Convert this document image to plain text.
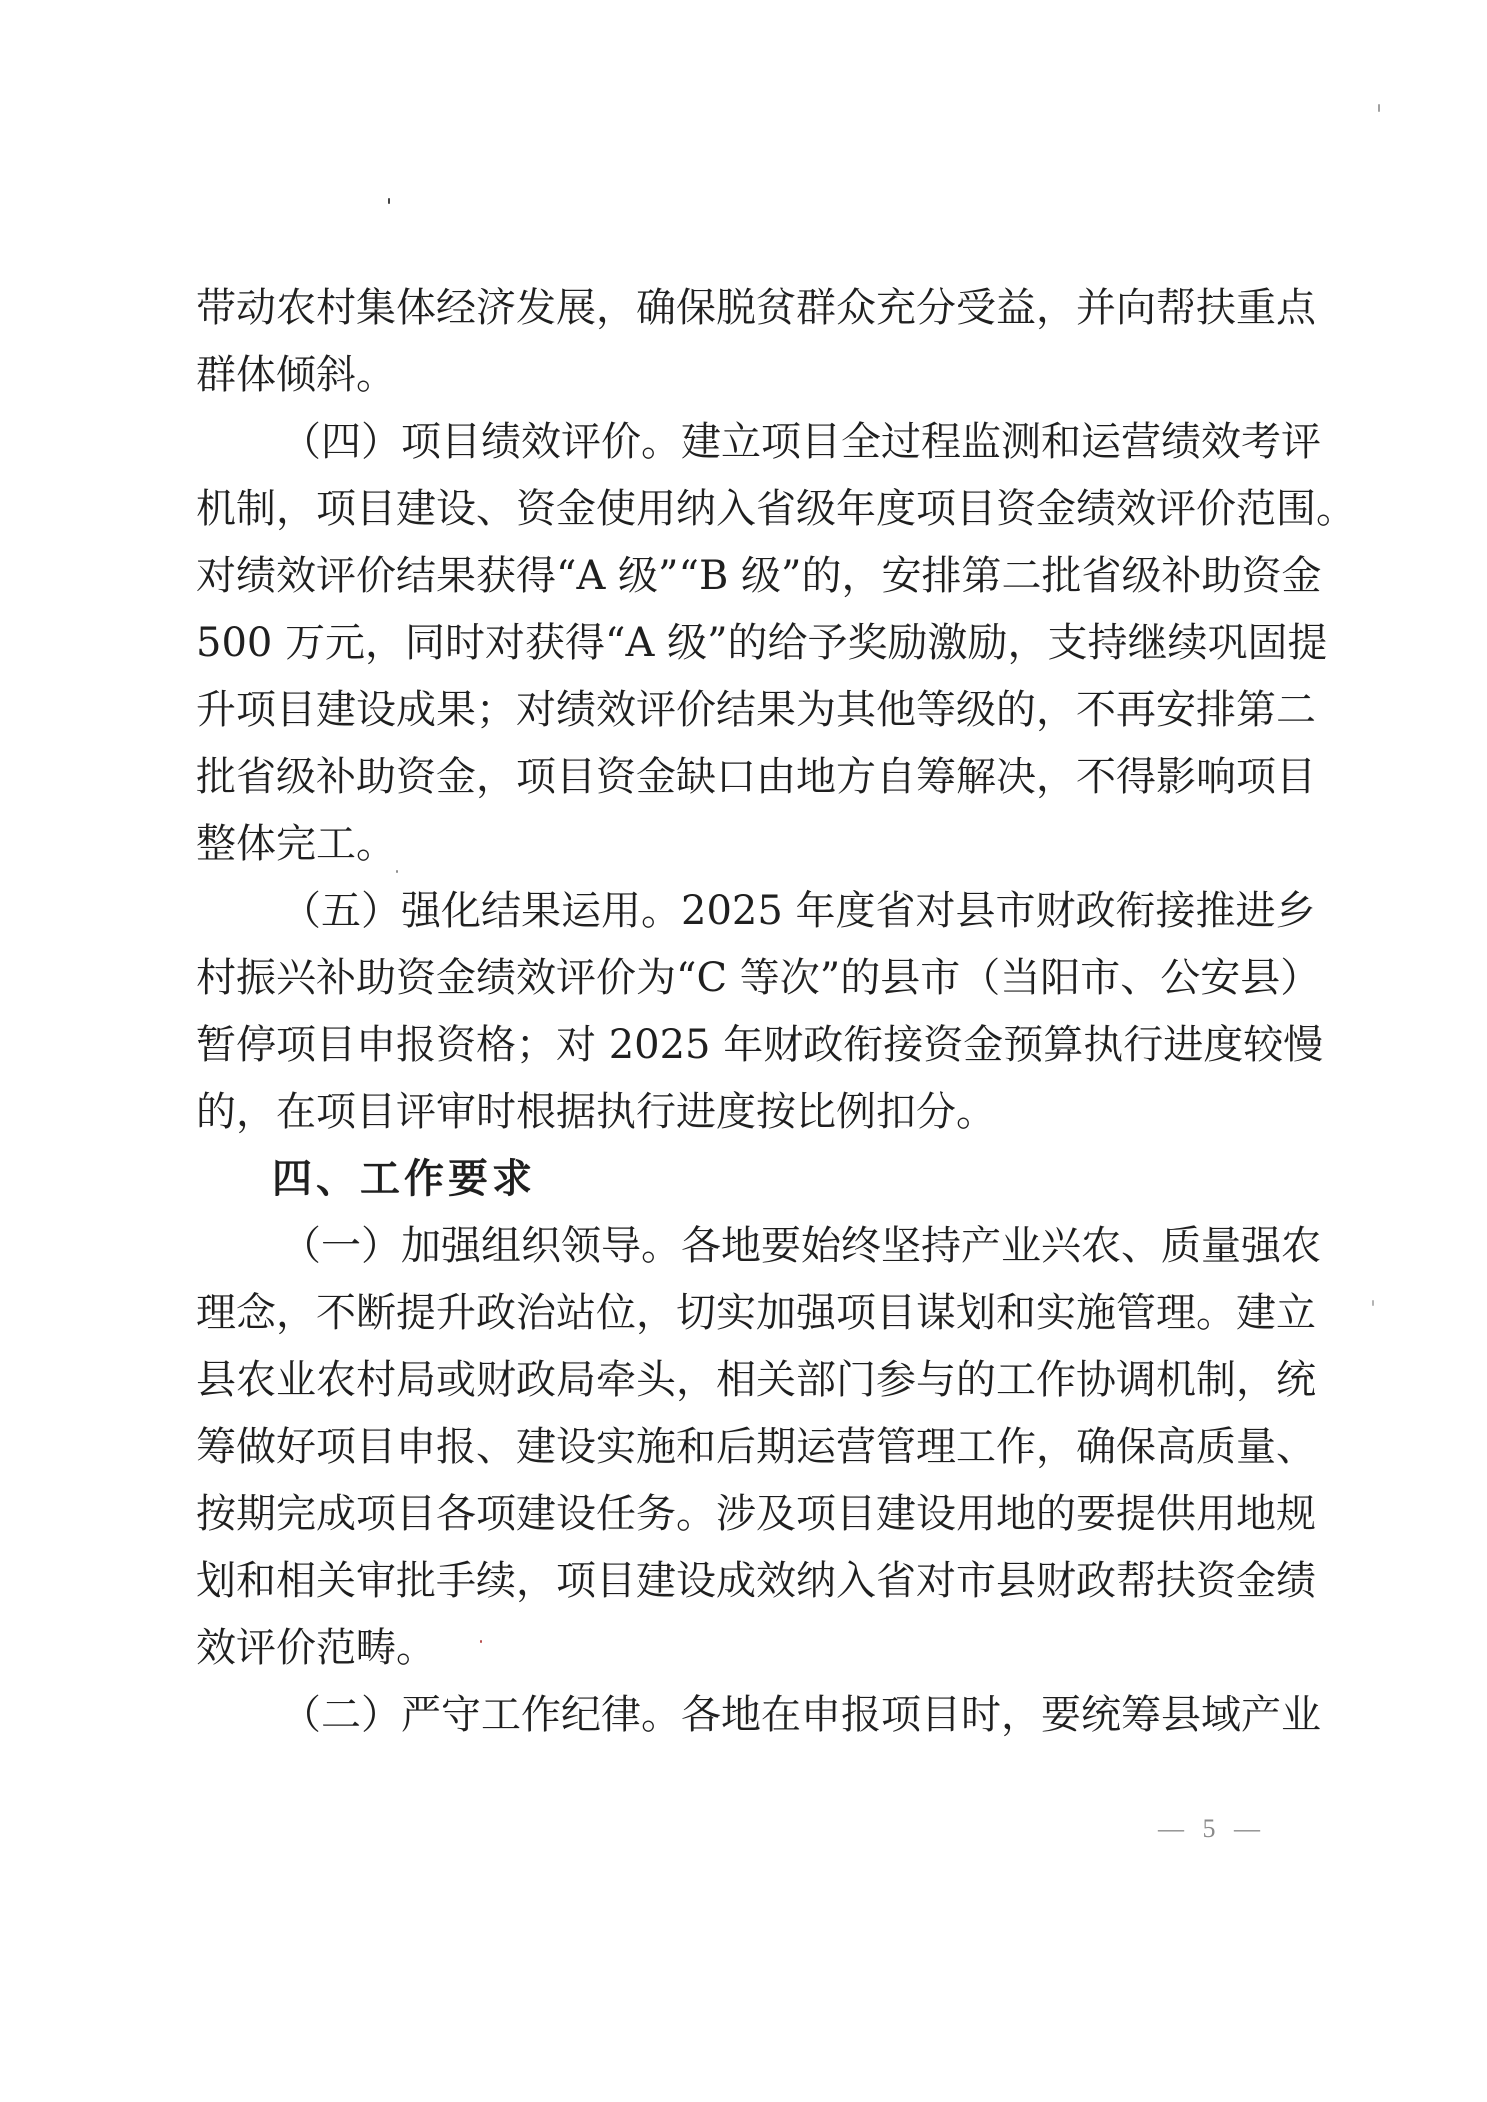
带动农村集体经济发展，确保脱贫群众充分受益，并向帮扶重点
群体倾斜。
（四）项目绩效评价。建立项目全过程监测和运营绩效考评
机制，项目建设、资金使用纳入省级年度项目资金绩效评价范围。
对绩效评价结果获得“A 级”“B 级”的，安排第二批省级补助资金
500 万元，同时对获得“A 级”的给予奖励激励，支持继续巩固提
升项目建设成果；对绩效评价结果为其他等级的，不再安排第二
批省级补助资金，项目资金缺口由地方自筹解决，不得影响项目
整体完工。
（五）强化结果运用。2025 年度省对县市财政衔接推进乡
村振兴补助资金绩效评价为“C 等次”的县市（当阳市、公安县）
暂停项目申报资格；对 2025 年财政衔接资金预算执行进度较慢
的，在项目评审时根据执行进度按比例扣分。
四、工作要求
（一）加强组织领导。各地要始终坚持产业兴农、质量强农
理念，不断提升政治站位，切实加强项目谋划和实施管理。建立
县农业农村局或财政局牵头，相关部门参与的工作协调机制，统
筹做好项目申报、建设实施和后期运营管理工作，确保高质量、
按期完成项目各项建设任务。涉及项目建设用地的要提供用地规
划和相关审批手续，项目建设成效纳入省对市县财政帮扶资金绩
效评价范畴。
（二）严守工作纪律。各地在申报项目时，要统筹县域产业
— 5 —
